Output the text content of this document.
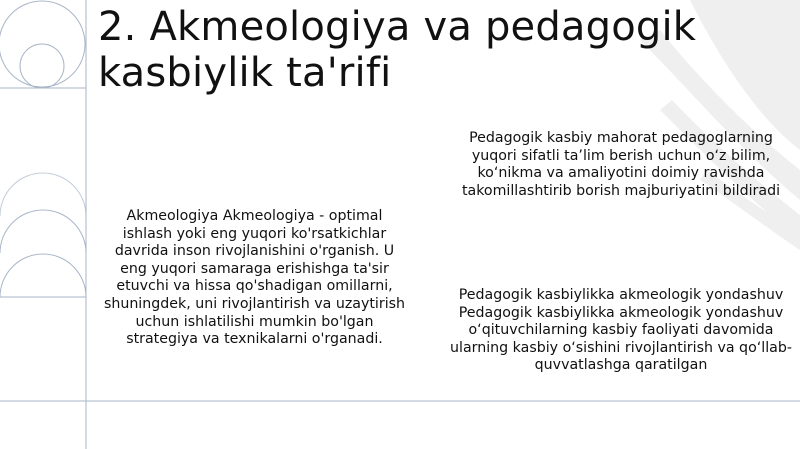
2. Akmeologiya va pedagogik
kasbiylik ta'rifi
Akmeologiya Akmeologiya - optimal
ishlash yoki eng yuqori ko'rsatkichlar
davrida inson rivojlanishini o'rganish. U
eng yuqori samaraga erishishga ta'sir
etuvchi va hissa qo'shadigan omillarni,
shuningdek, uni rivojlantirish va uzaytirish
uchun ishlatilishi mumkin bo'lgan
strategiya va texnikalarni o'rganadi.
Pedagogik kasbiy mahorat pedagoglarning
yuqori sifatli ta’lim berish uchun o‘z bilim,
ko‘nikma va amaliyotini doimiy ravishda
takomillashtirib borish majburiyatini bildiradi
Pedagogik kasbiylikka akmeologik yondashuv
Pedagogik kasbiylikka akmeologik yondashuv
o‘qituvchilarning kasbiy faoliyati davomida
ularning kasbiy o‘sishini rivojlantirish va qo‘llab-
quvvatlashga qaratilgan
